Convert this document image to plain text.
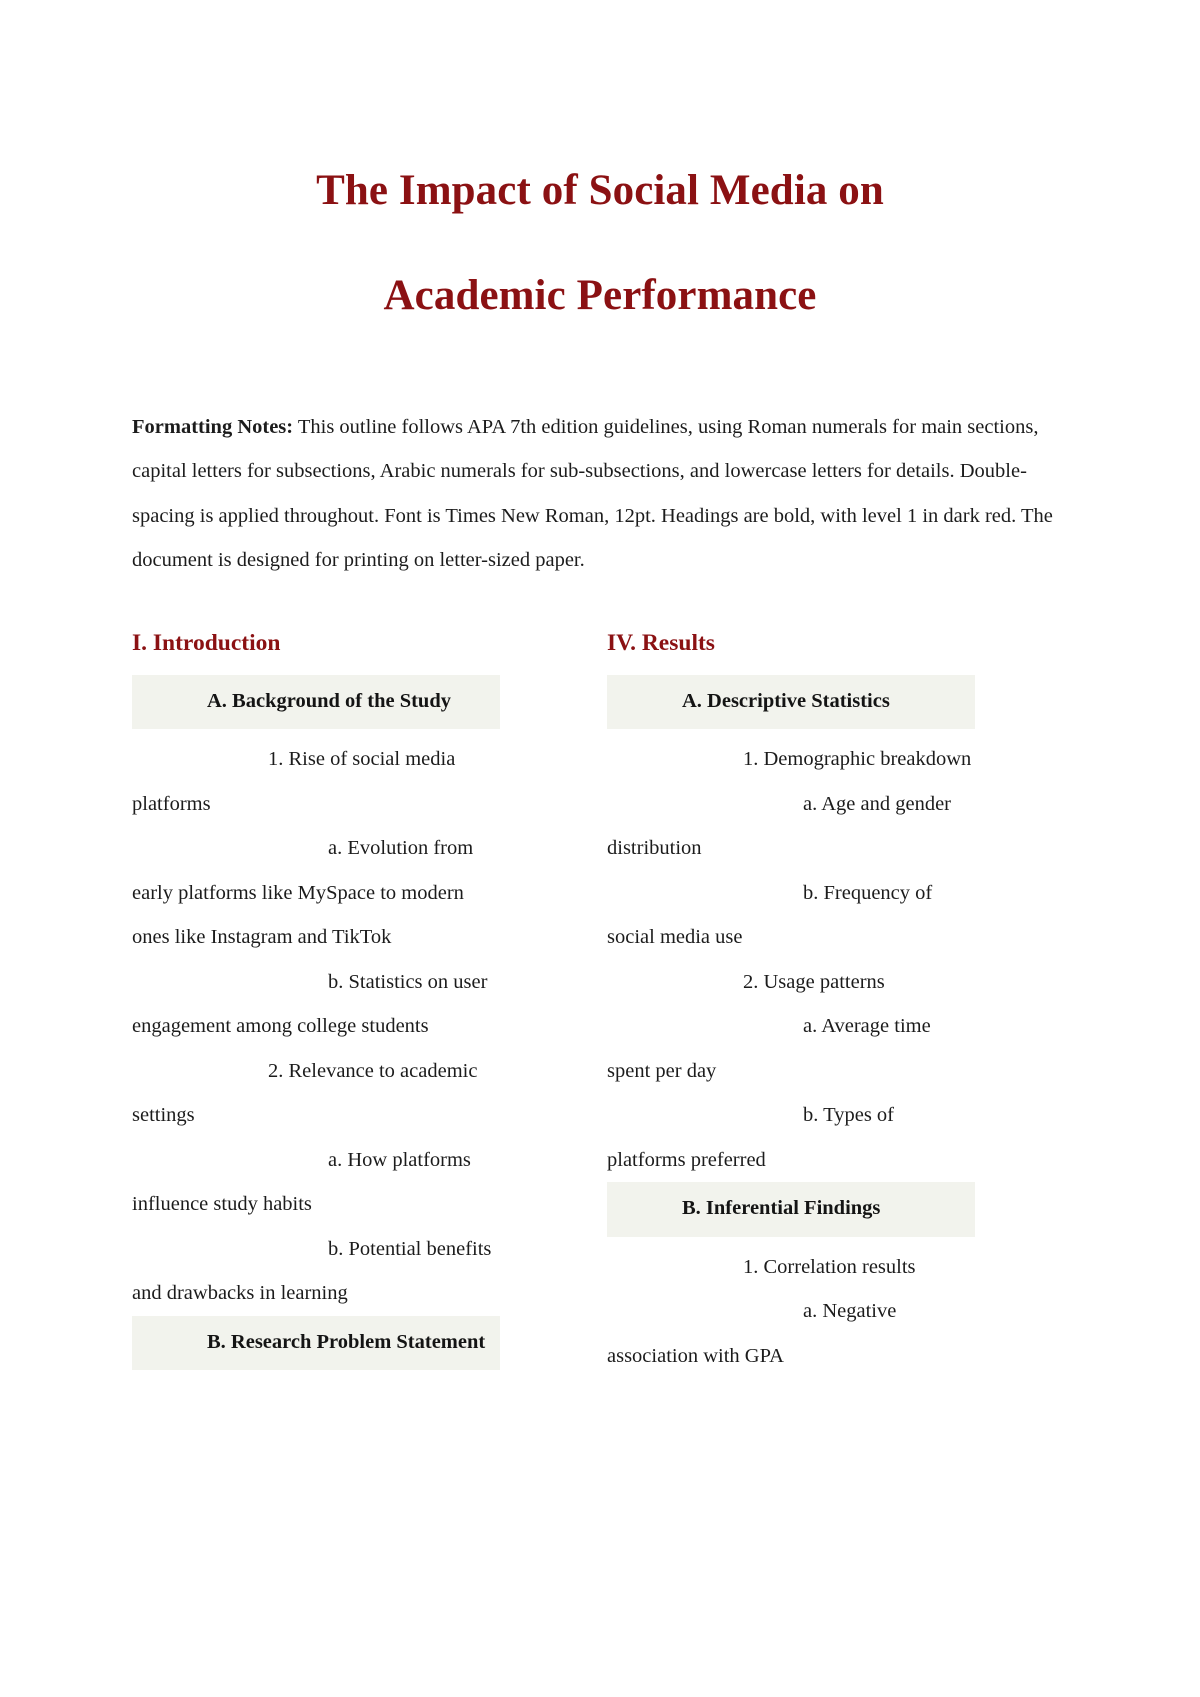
The Impact of Social Media on
Academic Performance

Formatting Notes: This outline follows APA 7th edition guidelines, using Roman numerals for main sections, capital letters for subsections, Arabic numerals for sub-subsections, and lowercase letters for details. Double-spacing is applied throughout. Font is Times New Roman, 12pt. Headings are bold, with level 1 in dark red. The document is designed for printing on letter-sized paper.

I. Introduction
A. Background of the Study

1. Rise of social media platforms

a. Evolution from early platforms like MySpace to modern ones like Instagram and TikTok

b. Statistics on user engagement among college students

2. Relevance to academic settings

a. How platforms influence study habits

b. Potential benefits and drawbacks in learning

B. Research Problem Statement
IV. Results
A. Descriptive Statistics

1. Demographic breakdown

a. Age and gender distribution

b. Frequency of social media use

2. Usage patterns

a. Average time spent per day

b. Types of platforms preferred

B. Inferential Findings

1. Correlation results

a. Negative association with GPA
